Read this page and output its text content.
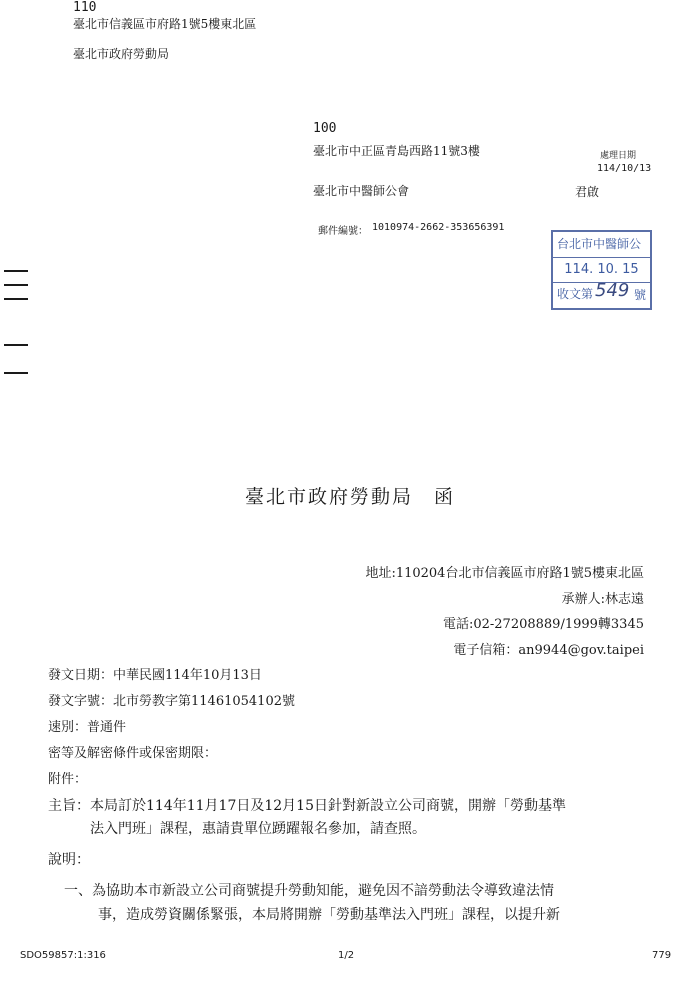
110
臺北市信義區市府路1號5樓東北區
臺北市政府勞動局
100
臺北市中正區青島西路11號3樓
臺北市中醫師公會	君啟
郵件編號： 1010974-2662-353656391
處理日期
114/10/13
台北市中醫師公
114. 10. 15
收文第 549 號
臺北市政府勞動局　函
地址:110204台北市信義區市府路1號5樓東北區
承辦人:林志遠
電話:02-27208889/1999轉3345
電子信箱：an9944@gov.taipei
發文日期：中華民國114年10月13日
發文字號：北市勞教字第11461054102號
速別：普通件
密等及解密條件或保密期限：
附件：
主旨：本局訂於114年11月17日及12月15日針對新設立公司商號，開辦「勞動基準
法入門班」課程，惠請貴單位踴躍報名參加，請查照。
說明：
一、為協助本市新設立公司商號提升勞動知能，避免因不諳勞動法令導致違法情
事，造成勞資關係緊張，本局將開辦「勞動基準法入門班」課程，以提升新
SDO59857:1:316	1/2	779
